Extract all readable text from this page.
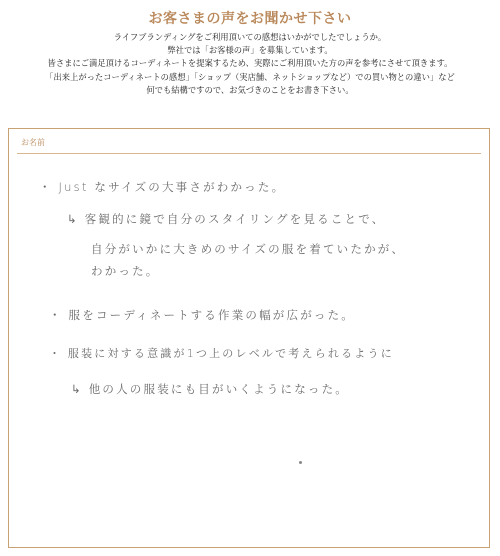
お客さまの声をお聞かせ下さい
ライフブランディングをご利用頂いての感想はいかがでしたでしょうか。
弊社では「お客様の声」を募集しています。
皆さまにご満足頂けるコーディネートを提案するため、実際にご利用頂いた方の声を参考にさせて頂きます。
「出来上がったコーディネートの感想」「ショップ（実店舗、ネットショップなど）での買い物との違い」など
何でも結構ですので、お気づきのことをお書き下さい。
お名前
・ Just なサイズの大事さがわかった。
↳ 客観的に鏡で自分のスタイリングを見ることで、
自分がいかに大きめのサイズの服を着ていたかが、
わかった。
・ 服をコーディネートする作業の幅が広がった。
・ 服装に対する意識が1つ上のレベルで考えられるように
↳ 他の人の服装にも目がいくようになった。
